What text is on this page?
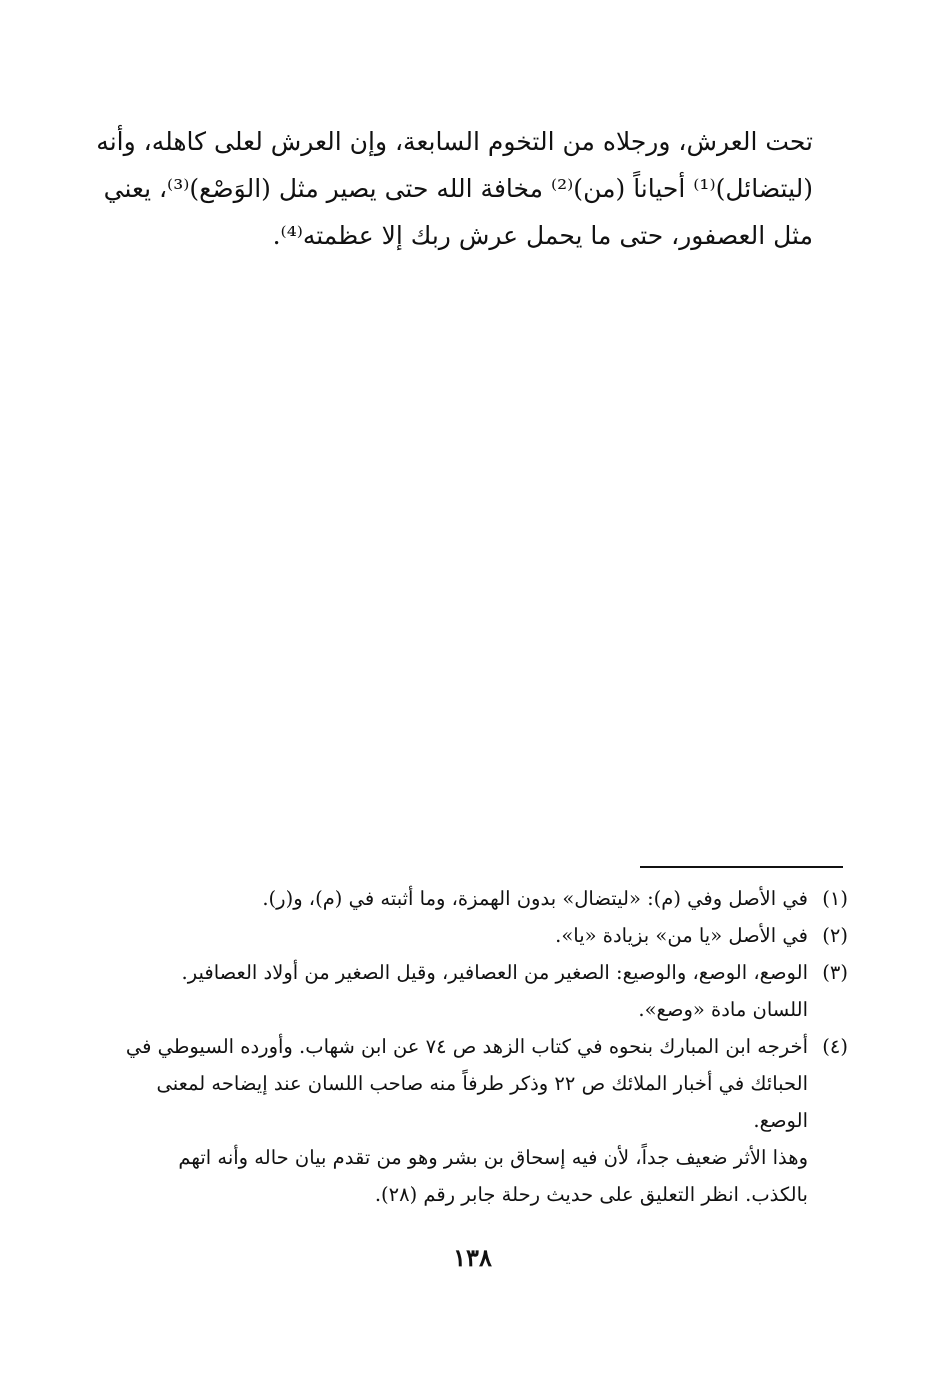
تحت العرش، ورجلاه من التخوم السابعة، وإن العرش لعلى كاهله، وأنه
(ليتضائل)⁽¹⁾ أحياناً (من)⁽²⁾ مخافة الله حتى يصير مثل (الوَصْع)⁽³⁾، يعني
مثل العصفور، حتى ما يحمل عرش ربك إلا عظمته⁽⁴⁾.
(١)
في الأصل وفي (م): «ليتضال» بدون الهمزة، وما أثبته في (م)، و(ر).
(٢)
في الأصل «يا من» بزيادة «يا».
(٣)
الوصع، الوصع، والوصيع: الصغير من العصافير، وقيل الصغير من أولاد العصافير.
اللسان مادة «وصع».
(٤)
أخرجه ابن المبارك بنحوه في كتاب الزهد ص ٧٤ عن ابن شهاب. وأورده السيوطي في
الحبائك في أخبار الملائك ص ٢٢ وذكر طرفاً منه صاحب اللسان عند إيضاحه لمعنى
الوصع.
وهذا الأثر ضعيف جداً، لأن فيه إسحاق بن بشر وهو من تقدم بيان حاله وأنه اتهم
بالكذب. انظر التعليق على حديث رحلة جابر رقم (٢٨).
١٣٨
